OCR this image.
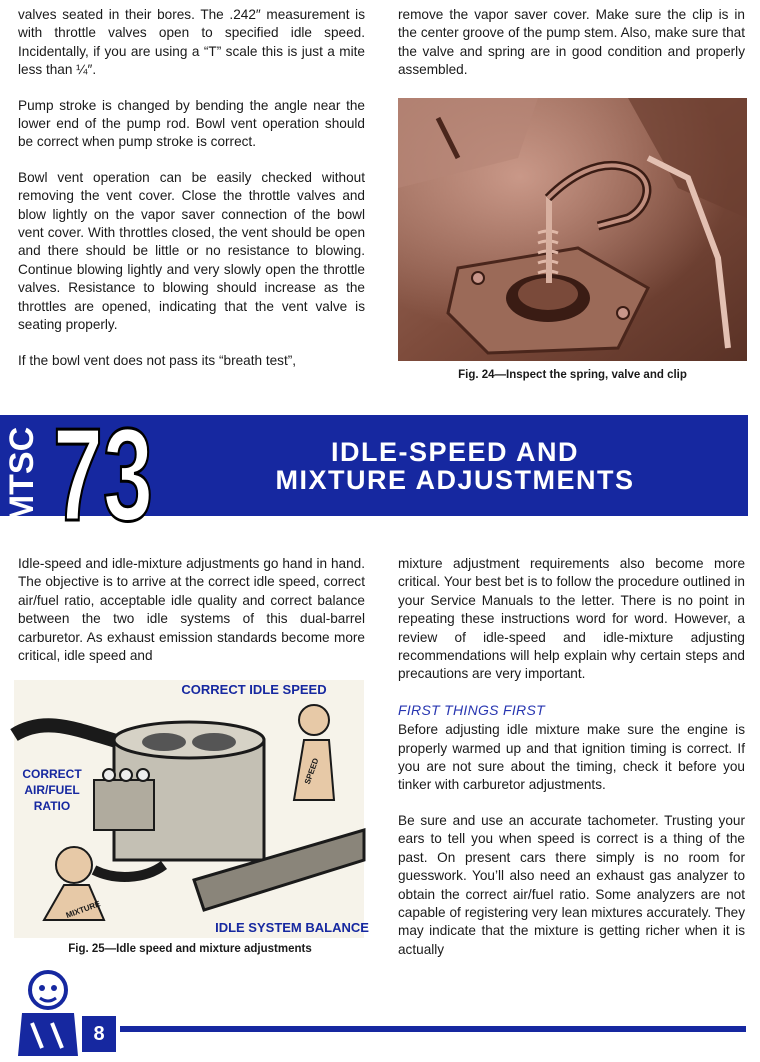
valves seated in their bores. The .242″ measurement is with throttle valves open to specified idle speed. Incidentally, if you are using a “T” scale this is just a mite less than ¼″.

Pump stroke is changed by bending the angle near the lower end of the pump rod. Bowl vent operation should be correct when pump stroke is correct.

Bowl vent operation can be easily checked without removing the vent cover. Close the throttle valves and blow lightly on the vapor saver connection of the bowl vent cover. With throttles closed, the vent should be open and there should be little or no resistance to blowing. Continue blowing lightly and very slowly open the throttle valves. Resistance to blowing should increase as the throttles are opened, indicating that the vent valve is seating properly.

If the bowl vent does not pass its “breath test”,

remove the vapor saver cover. Make sure the clip is in the center groove of the pump stem. Also, make sure that the valve and spring are in good condition and properly assembled.

Fig. 24—Inspect the spring, valve and clip
MTSC 73	IDLE-SPEED AND
MIXTURE ADJUSTMENTS

Idle-speed and idle-mixture adjustments go hand in hand. The objective is to arrive at the correct idle speed, correct air/fuel ratio, acceptable idle quality and correct balance between the two idle systems of this dual-barrel carburetor. As exhaust emission standards become more critical, idle speed and

CORRECT IDLE SPEED
CORRECT
AIR/FUEL
RATIO
IDLE SYSTEM BALANCE
MIXTURE
SPEED
Fig. 25—Idle speed and mixture adjustments

mixture adjustment requirements also become more critical. Your best bet is to follow the procedure outlined in your Service Manuals to the letter. There is no point in repeating these instructions word for word. However, a review of idle-speed and idle-mixture adjusting recommendations will help explain why certain steps and precautions are very important.

FIRST THINGS FIRST
Before adjusting idle mixture make sure the engine is properly warmed up and that ignition timing is correct. If you are not sure about the timing, check it before you tinker with carburetor adjustments.

Be sure and use an accurate tachometer. Trusting your ears to tell you when speed is correct is a thing of the past. On present cars there simply is no room for guesswork. You’ll also need an exhaust gas analyzer to obtain the correct air/fuel ratio. Some analyzers are not capable of registering very lean mixtures accurately. They may indicate that the mixture is getting richer when it is actually

8
